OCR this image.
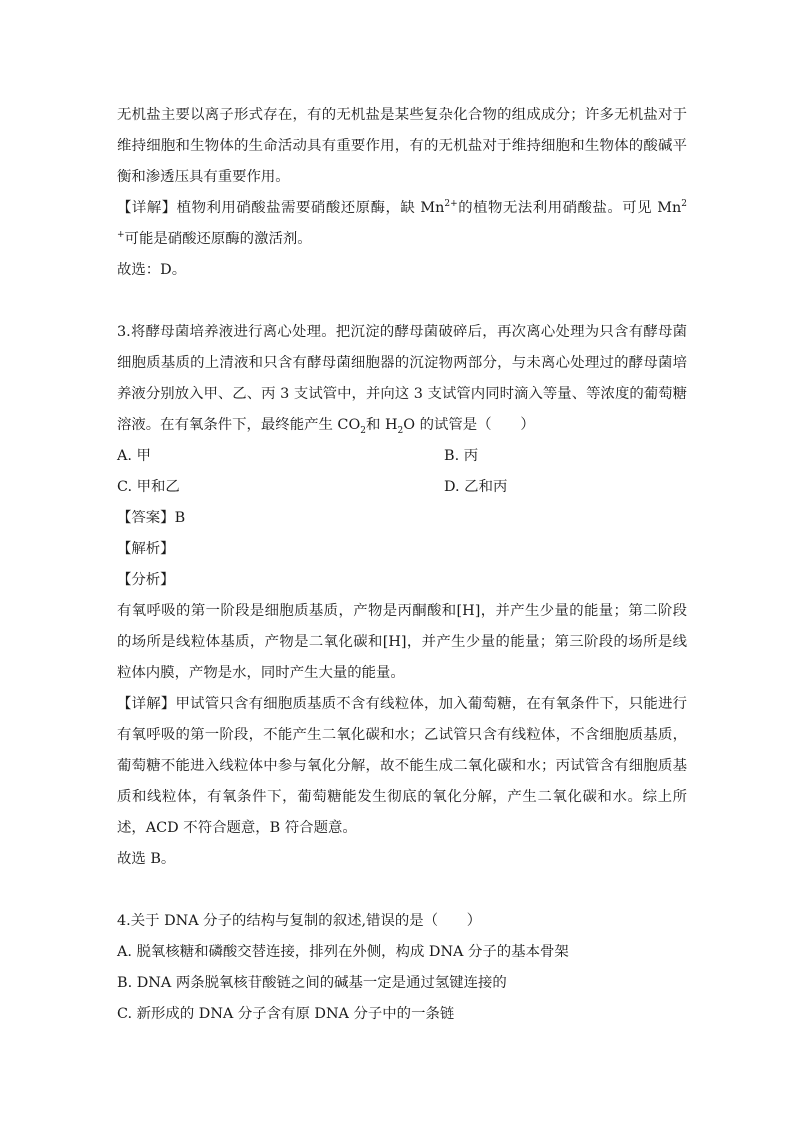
无机盐主要以离子形式存在，有的无机盐是某些复杂化合物的组成成分；许多无机盐对于维持细胞和生物体的生命活动具有重要作用，有的无机盐对于维持细胞和生物体的酸碱平衡和渗透压具有重要作用。

【详解】植物利用硝酸盐需要硝酸还原酶，缺 $Mn^{2+}$的植物无法利用硝酸盐。可见 $Mn^{2+}$可能是硝酸还原酶的激活剂。

故选：D。

3.将酵母菌培养液进行离心处理。把沉淀的酵母菌破碎后，再次离心处理为只含有酵母菌细胞质基质的上清液和只含有酵母菌细胞器的沉淀物两部分，与未离心处理过的酵母菌培养液分别放入甲、乙、丙 3 支试管中，并向这 3 支试管内同时滴入等量、等浓度的葡萄糖溶液。在有氧条件下，最终能产生 $CO_2$和 $H_2O$ 的试管是（　　）

A. 甲	B. 丙
C. 甲和乙	D. 乙和丙

【答案】B

【解析】

【分析】

有氧呼吸的第一阶段是细胞质基质，产物是丙酮酸和[H]，并产生少量的能量；第二阶段的场所是线粒体基质，产物是二氧化碳和[H]，并产生少量的能量；第三阶段的场所是线粒体内膜，产物是水，同时产生大量的能量。

【详解】甲试管只含有细胞质基质不含有线粒体，加入葡萄糖，在有氧条件下，只能进行有氧呼吸的第一阶段，不能产生二氧化碳和水；乙试管只含有线粒体，不含细胞质基质，葡萄糖不能进入线粒体中参与氧化分解，故不能生成二氧化碳和水；丙试管含有细胞质基质和线粒体，有氧条件下，葡萄糖能发生彻底的氧化分解，产生二氧化碳和水。综上所述，ACD 不符合题意，B 符合题意。

故选 B。

4.关于 DNA 分子的结构与复制的叙述,错误的是（　　）

A. 脱氧核糖和磷酸交替连接，排列在外侧，构成 DNA 分子的基本骨架

B. DNA 两条脱氧核苷酸链之间的碱基一定是通过氢键连接的

C. 新形成的 DNA 分子含有原 DNA 分子中的一条链
